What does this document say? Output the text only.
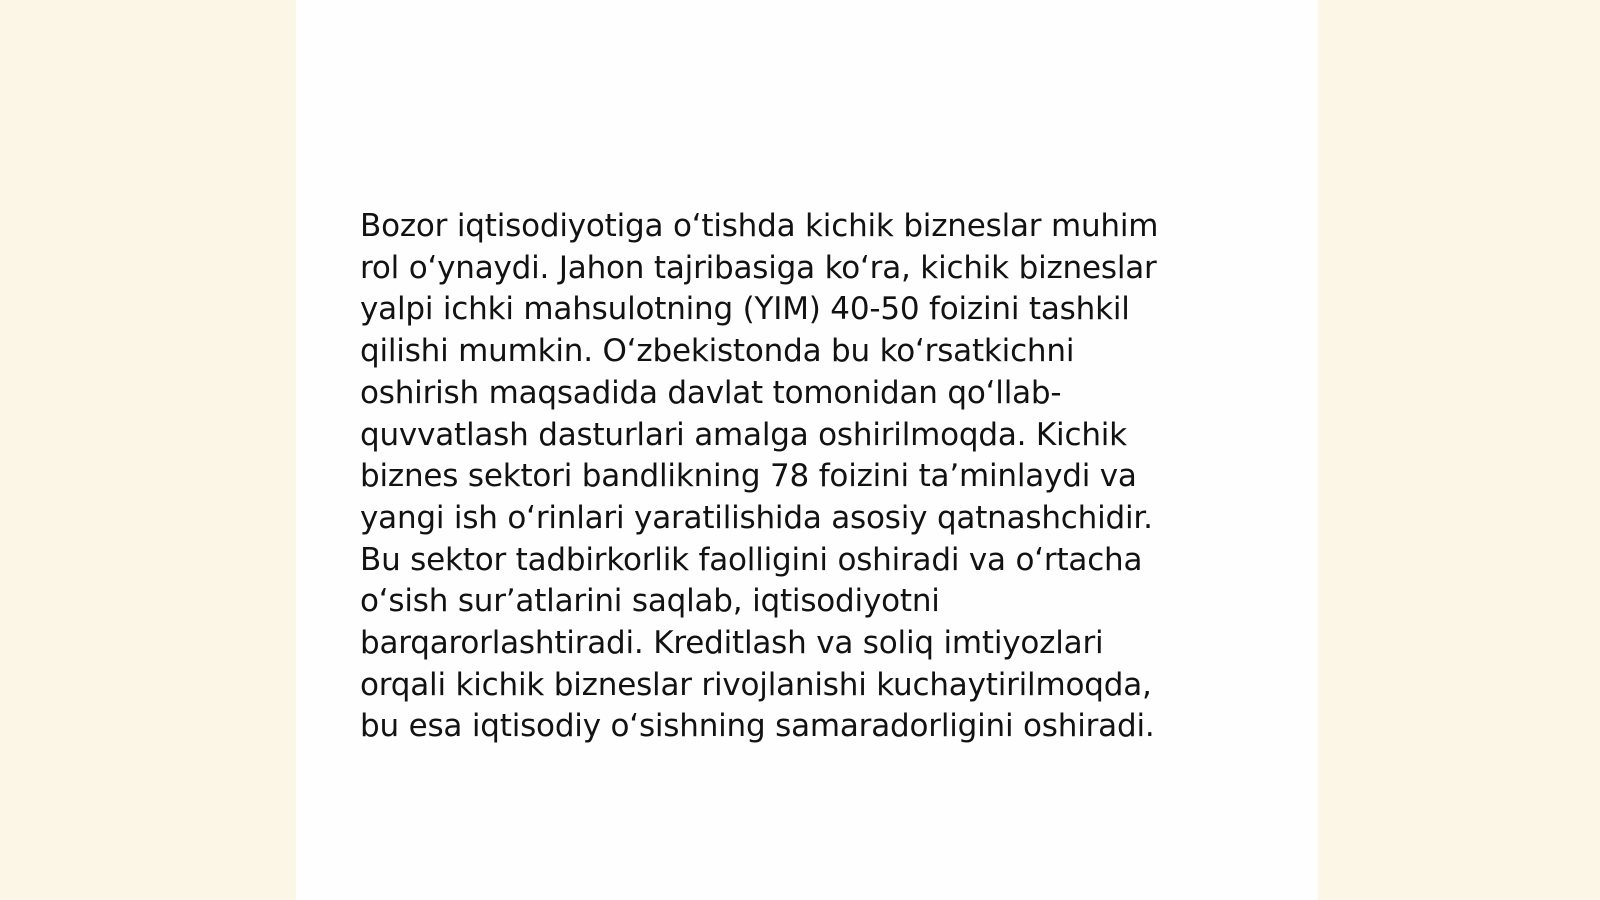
Bozor iqtisodiyotiga o‘tishda kichik bizneslar muhim
rol o‘ynaydi. Jahon tajribasiga ko‘ra, kichik bizneslar
yalpi ichki mahsulotning (YIM) 40-50 foizini tashkil
qilishi mumkin. O‘zbekistonda bu ko‘rsatkichni
oshirish maqsadida davlat tomonidan qo‘llab-
quvvatlash dasturlari amalga oshirilmoqda. Kichik
biznes sektori bandlikning 78 foizini ta’minlaydi va
yangi ish o‘rinlari yaratilishida asosiy qatnashchidir.
Bu sektor tadbirkorlik faolligini oshiradi va o‘rtacha
o‘sish sur’atlarini saqlab, iqtisodiyotni
barqarorlashtiradi. Kreditlash va soliq imtiyozlari
orqali kichik bizneslar rivojlanishi kuchaytirilmoqda,
bu esa iqtisodiy o‘sishning samaradorligini oshiradi.
